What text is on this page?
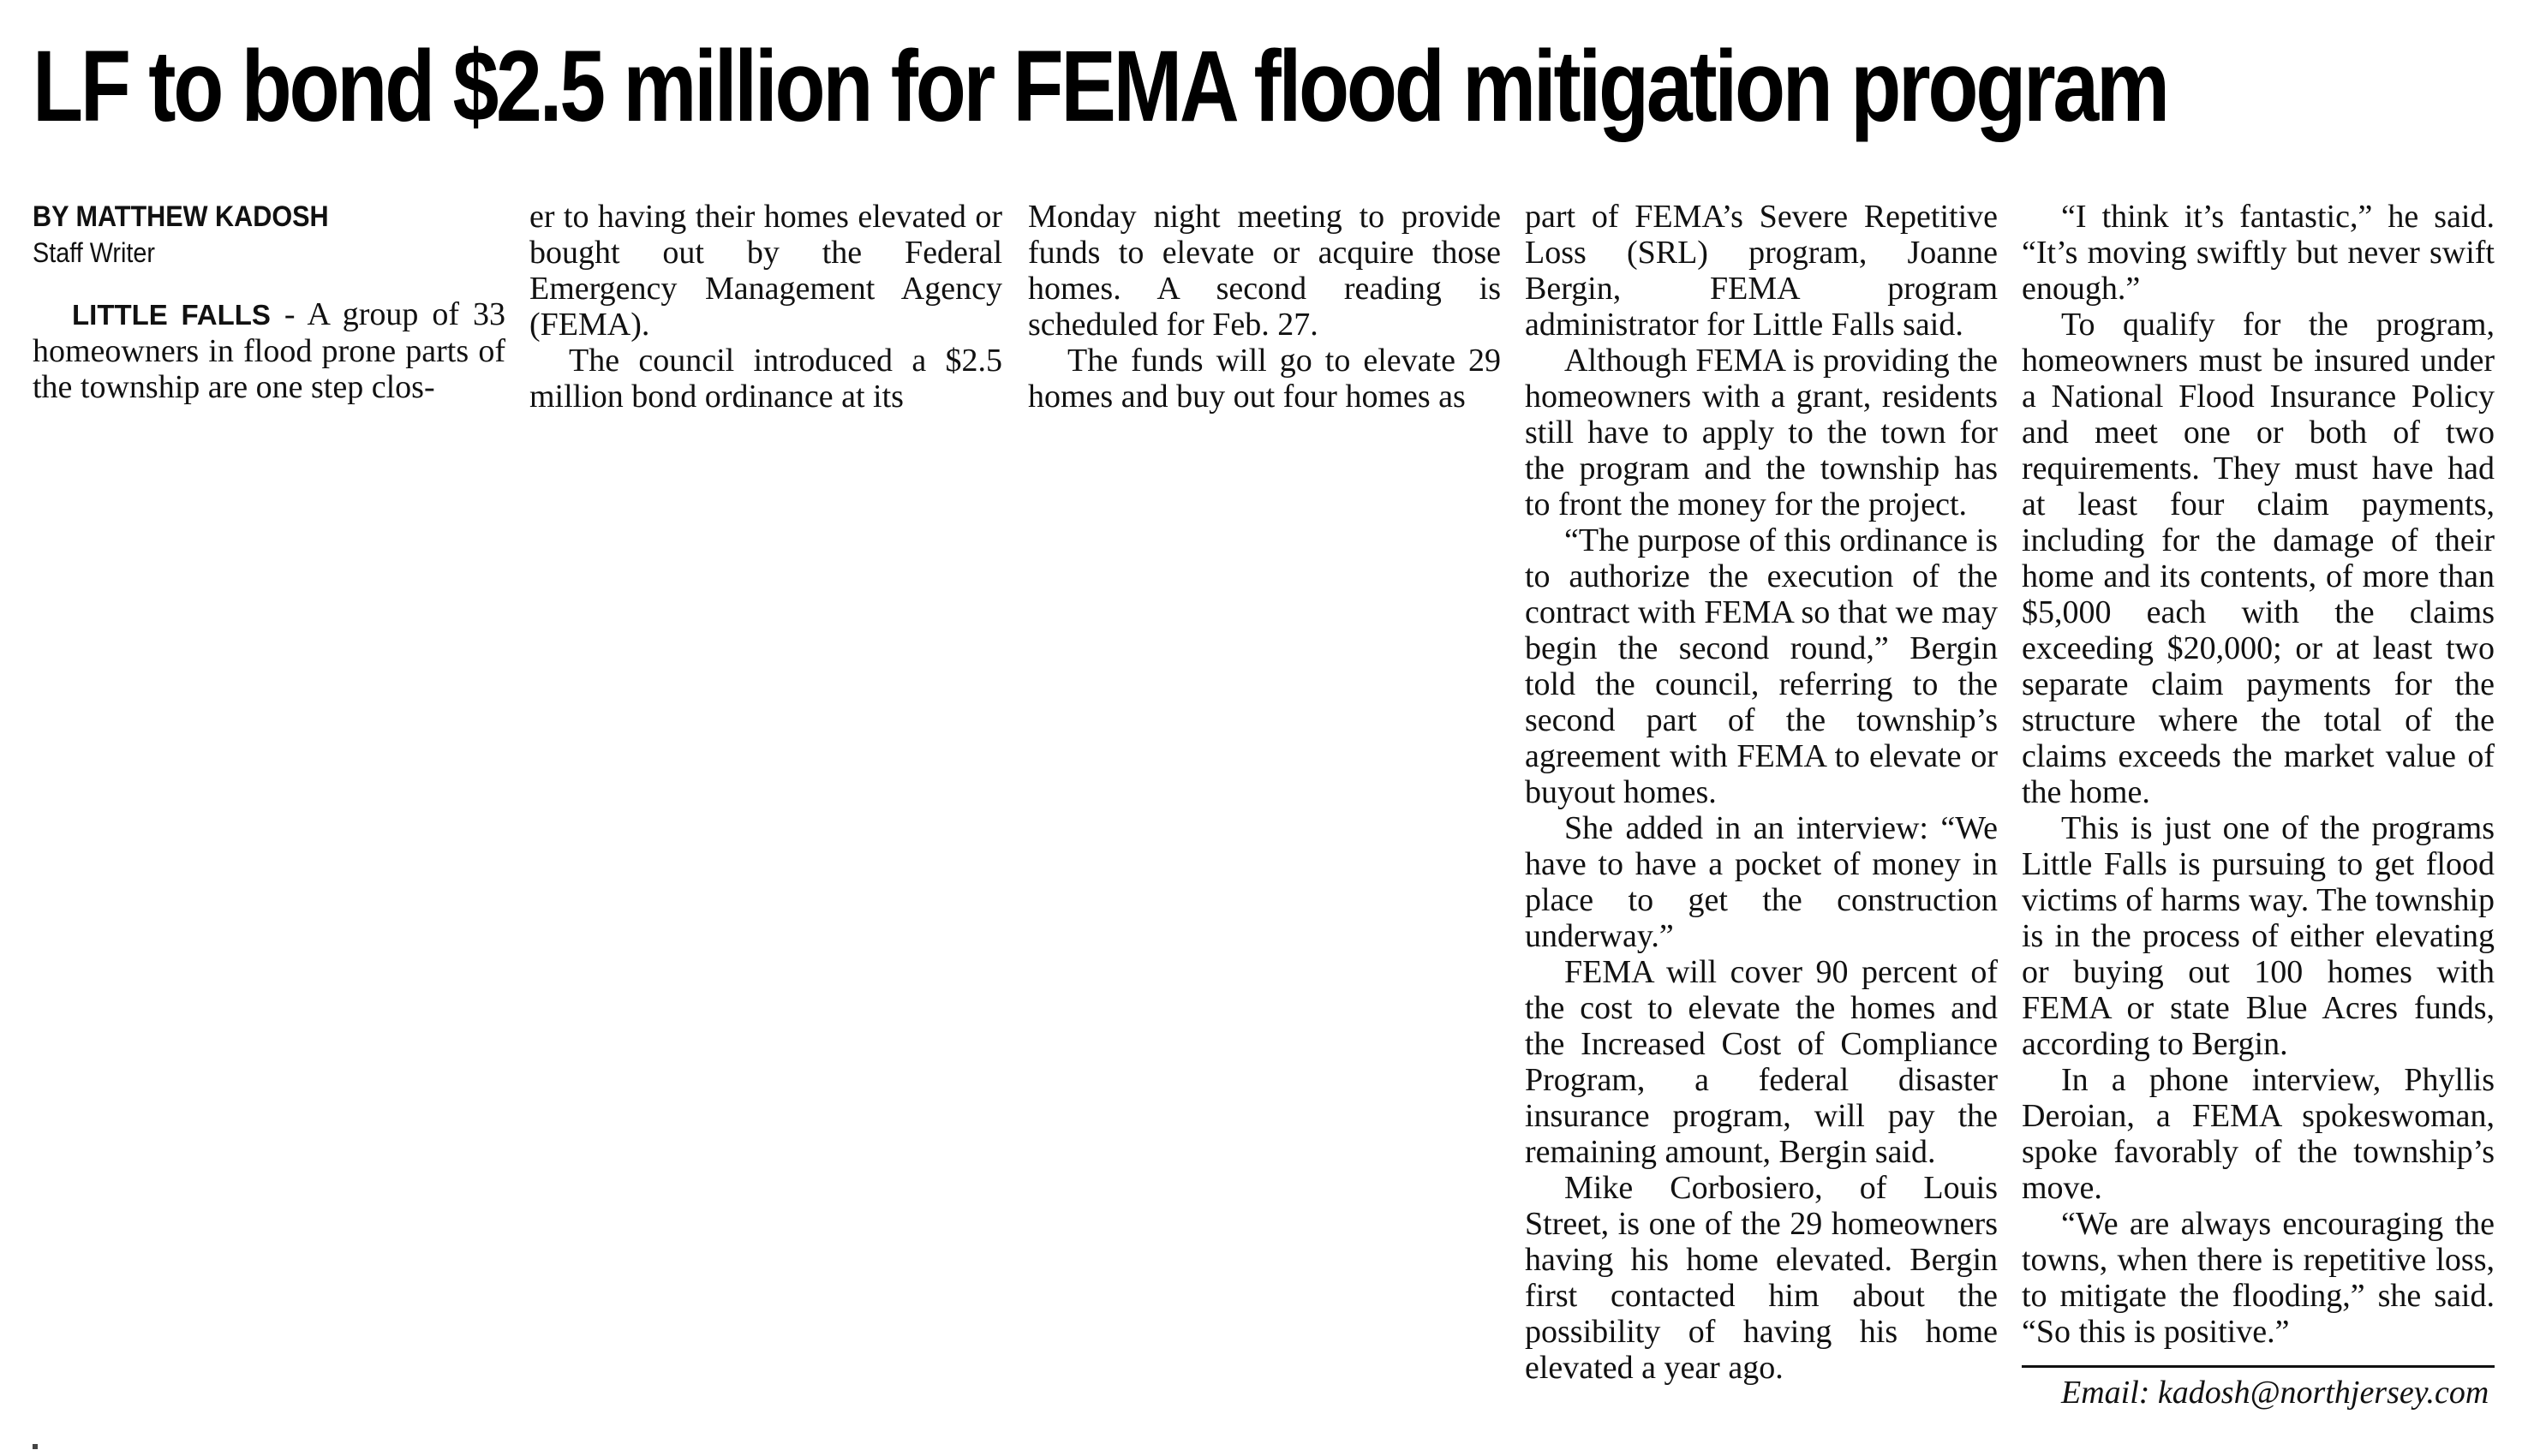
LF to bond $2.5 million for FEMA flood mitigation program
BY MATTHEW KADOSH
Staff Writer

LITTLE FALLS - A group of 33 homeowners in flood prone parts of the township are one step clos-

er to having their homes elevated or bought out by the Federal Emergency Management Agency (FEMA).

The council introduced a $2.5 million bond ordinance at its

Monday night meeting to provide funds to elevate or acquire those homes. A second reading is scheduled for Feb. 27.

The funds will go to elevate 29 homes and buy out four homes as

part of FEMA’s Severe Repetitive Loss (SRL) program, Joanne Bergin, FEMA program administrator for Little Falls said.

Although FEMA is providing the homeowners with a grant, residents still have to apply to the town for the program and the township has to front the money for the project.

“The purpose of this ordinance is to authorize the execution of the contract with FEMA so that we may begin the second round,” Bergin told the council, referring to the second part of the township’s agreement with FEMA to elevate or buyout homes.

She added in an interview: “We have to have a pocket of money in place to get the construction underway.”

FEMA will cover 90 percent of the cost to elevate the homes and the Increased Cost of Compliance Program, a federal disaster insurance program, will pay the remaining amount, Bergin said.

Mike Corbosiero, of Louis Street, is one of the 29 homeowners having his home elevated. Bergin first contacted him about the possibility of having his home elevated a year ago.

“I think it’s fantastic,” he said. “It’s moving swiftly but never swift enough.”

To qualify for the program, homeowners must be insured under a National Flood Insurance Policy and meet one or both of two requirements. They must have had at least four claim payments, including for the damage of their home and its contents, of more than $5,000 each with the claims exceeding $20,000; or at least two separate claim payments for the structure where the total of the claims exceeds the market value of the home.

This is just one of the programs Little Falls is pursuing to get flood victims of harms way. The township is in the process of either elevating or buying out 100 homes with FEMA or state Blue Acres funds, according to Bergin.

In a phone interview, Phyllis Deroian, a FEMA spokeswoman, spoke favorably of the township’s move.

“We are always encouraging the towns, when there is repetitive loss, to mitigate the flooding,” she said. “So this is positive.”

Email: kadosh@northjersey.com
